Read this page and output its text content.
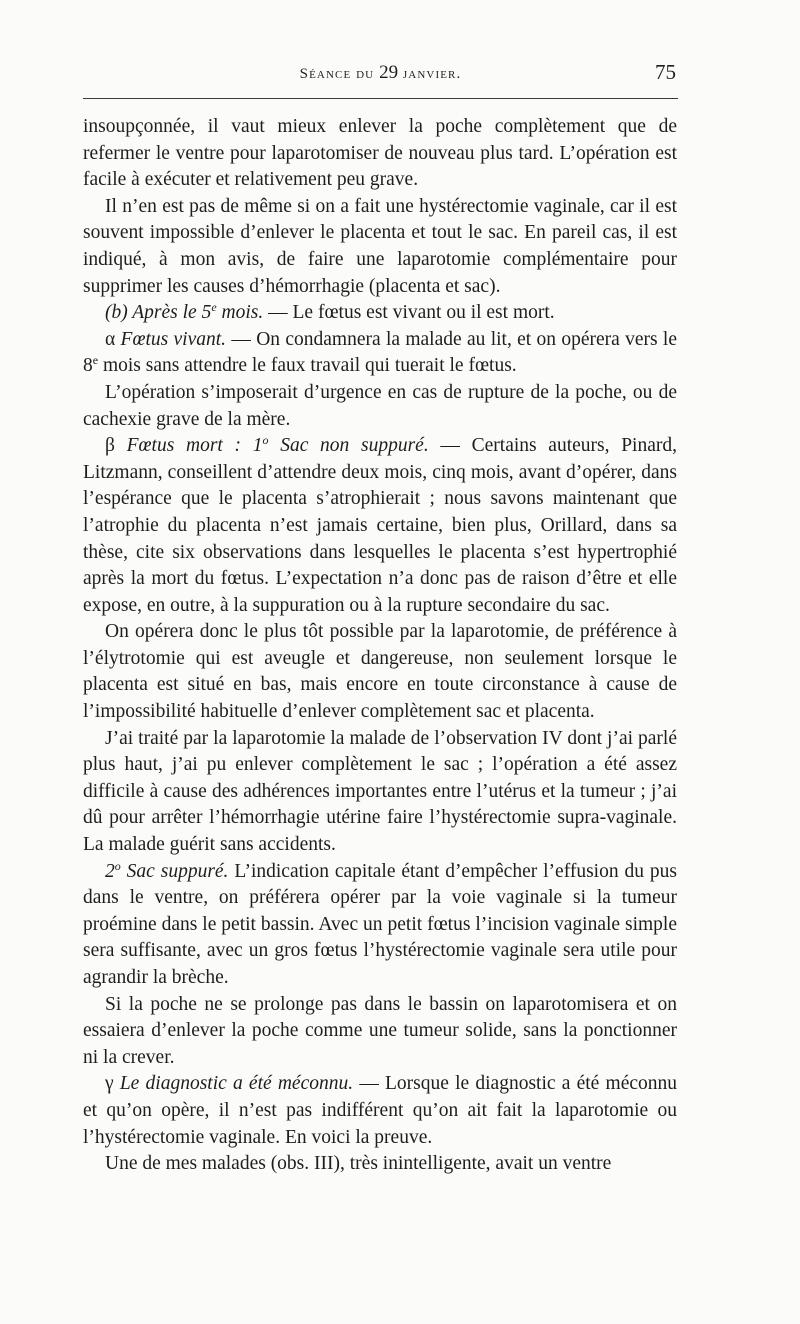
Séance du 29 janvier.	75

insoupçonnée, il vaut mieux enlever la poche complètement que de refermer le ventre pour laparotomiser de nouveau plus tard. L’opération est facile à exécuter et relativement peu grave.

Il n’en est pas de même si on a fait une hystérectomie vaginale, car il est souvent impossible d’enlever le placenta et tout le sac. En pareil cas, il est indiqué, à mon avis, de faire une laparotomie complémentaire pour supprimer les causes d’hémorrhagie (placenta et sac).

(b) Après le 5e mois. — Le fœtus est vivant ou il est mort.

α Fœtus vivant. — On condamnera la malade au lit, et on opérera vers le 8e mois sans attendre le faux travail qui tuerait le fœtus.

L’opération s’imposerait d’urgence en cas de rupture de la poche, ou de cachexie grave de la mère.

β Fœtus mort : 1$^o$ Sac non suppuré. — Certains auteurs, Pinard, Litzmann, conseillent d’attendre deux mois, cinq mois, avant d’opérer, dans l’espérance que le placenta s’atrophierait ; nous savons maintenant que l’atrophie du placenta n’est jamais certaine, bien plus, Orillard, dans sa thèse, cite six observations dans lesquelles le placenta s’est hypertrophié après la mort du fœtus. L’expectation n’a donc pas de raison d’être et elle expose, en outre, à la suppuration ou à la rupture secondaire du sac.

On opérera donc le plus tôt possible par la laparotomie, de préférence à l’élytrotomie qui est aveugle et dangereuse, non seulement lorsque le placenta est situé en bas, mais encore en toute circonstance à cause de l’impossibilité habituelle d’enlever complètement sac et placenta.

J’ai traité par la laparotomie la malade de l’observation IV dont j’ai parlé plus haut, j’ai pu enlever complètement le sac ; l’opération a été assez difficile à cause des adhérences importantes entre l’utérus et la tumeur ; j’ai dû pour arrêter l’hémorrhagie utérine faire l’hystérectomie supra-vaginale. La malade guérit sans accidents.

2$^o$ Sac suppuré. L’indication capitale étant d’empêcher l’effusion du pus dans le ventre, on préférera opérer par la voie vaginale si la tumeur proémine dans le petit bassin. Avec un petit fœtus l’incision vaginale simple sera suffisante, avec un gros fœtus l’hystérectomie vaginale sera utile pour agrandir la brèche.

Si la poche ne se prolonge pas dans le bassin on laparotomisera et on essaiera d’enlever la poche comme une tumeur solide, sans la ponctionner ni la crever.

γ Le diagnostic a été méconnu. — Lorsque le diagnostic a été méconnu et qu’on opère, il n’est pas indifférent qu’on ait fait la laparotomie ou l’hystérectomie vaginale. En voici la preuve.

Une de mes malades (obs. III), très inintelligente, avait un ventre
